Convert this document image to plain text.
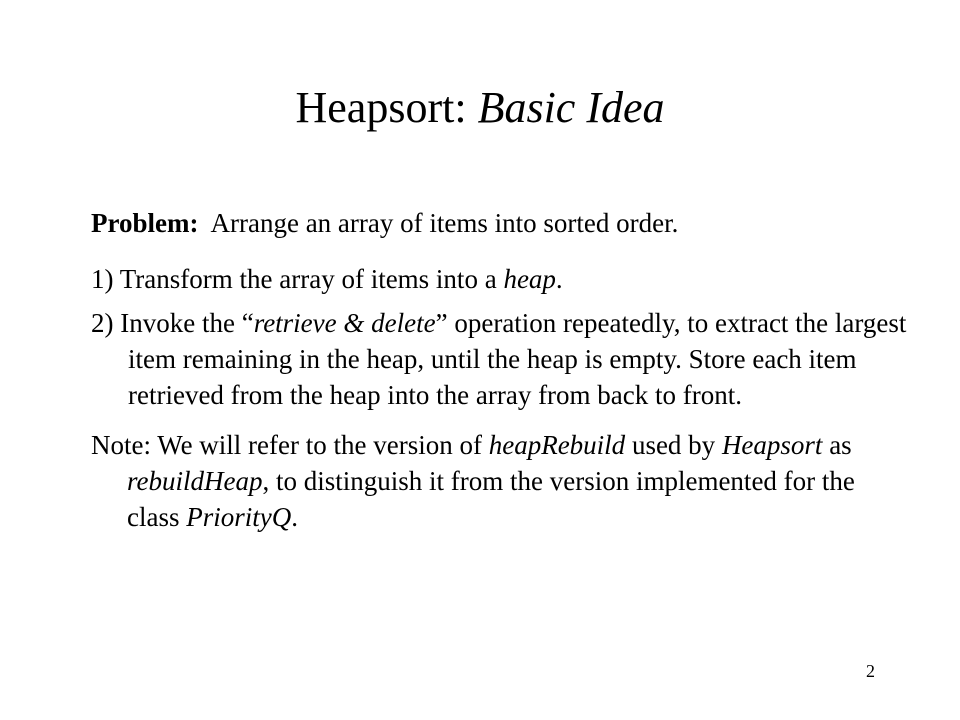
Heapsort: Basic Idea

Problem:  Arrange an array of items into sorted order.

1) Transform the array of items into a heap.

2) Invoke the “retrieve & delete” operation repeatedly, to extract the largest item remaining in the heap, until the heap is empty. Store each item retrieved from the heap into the array from back to front.

Note: We will refer to the version of heapRebuild used by Heapsort as rebuildHeap, to distinguish it from the version implemented for the class PriorityQ.

2
